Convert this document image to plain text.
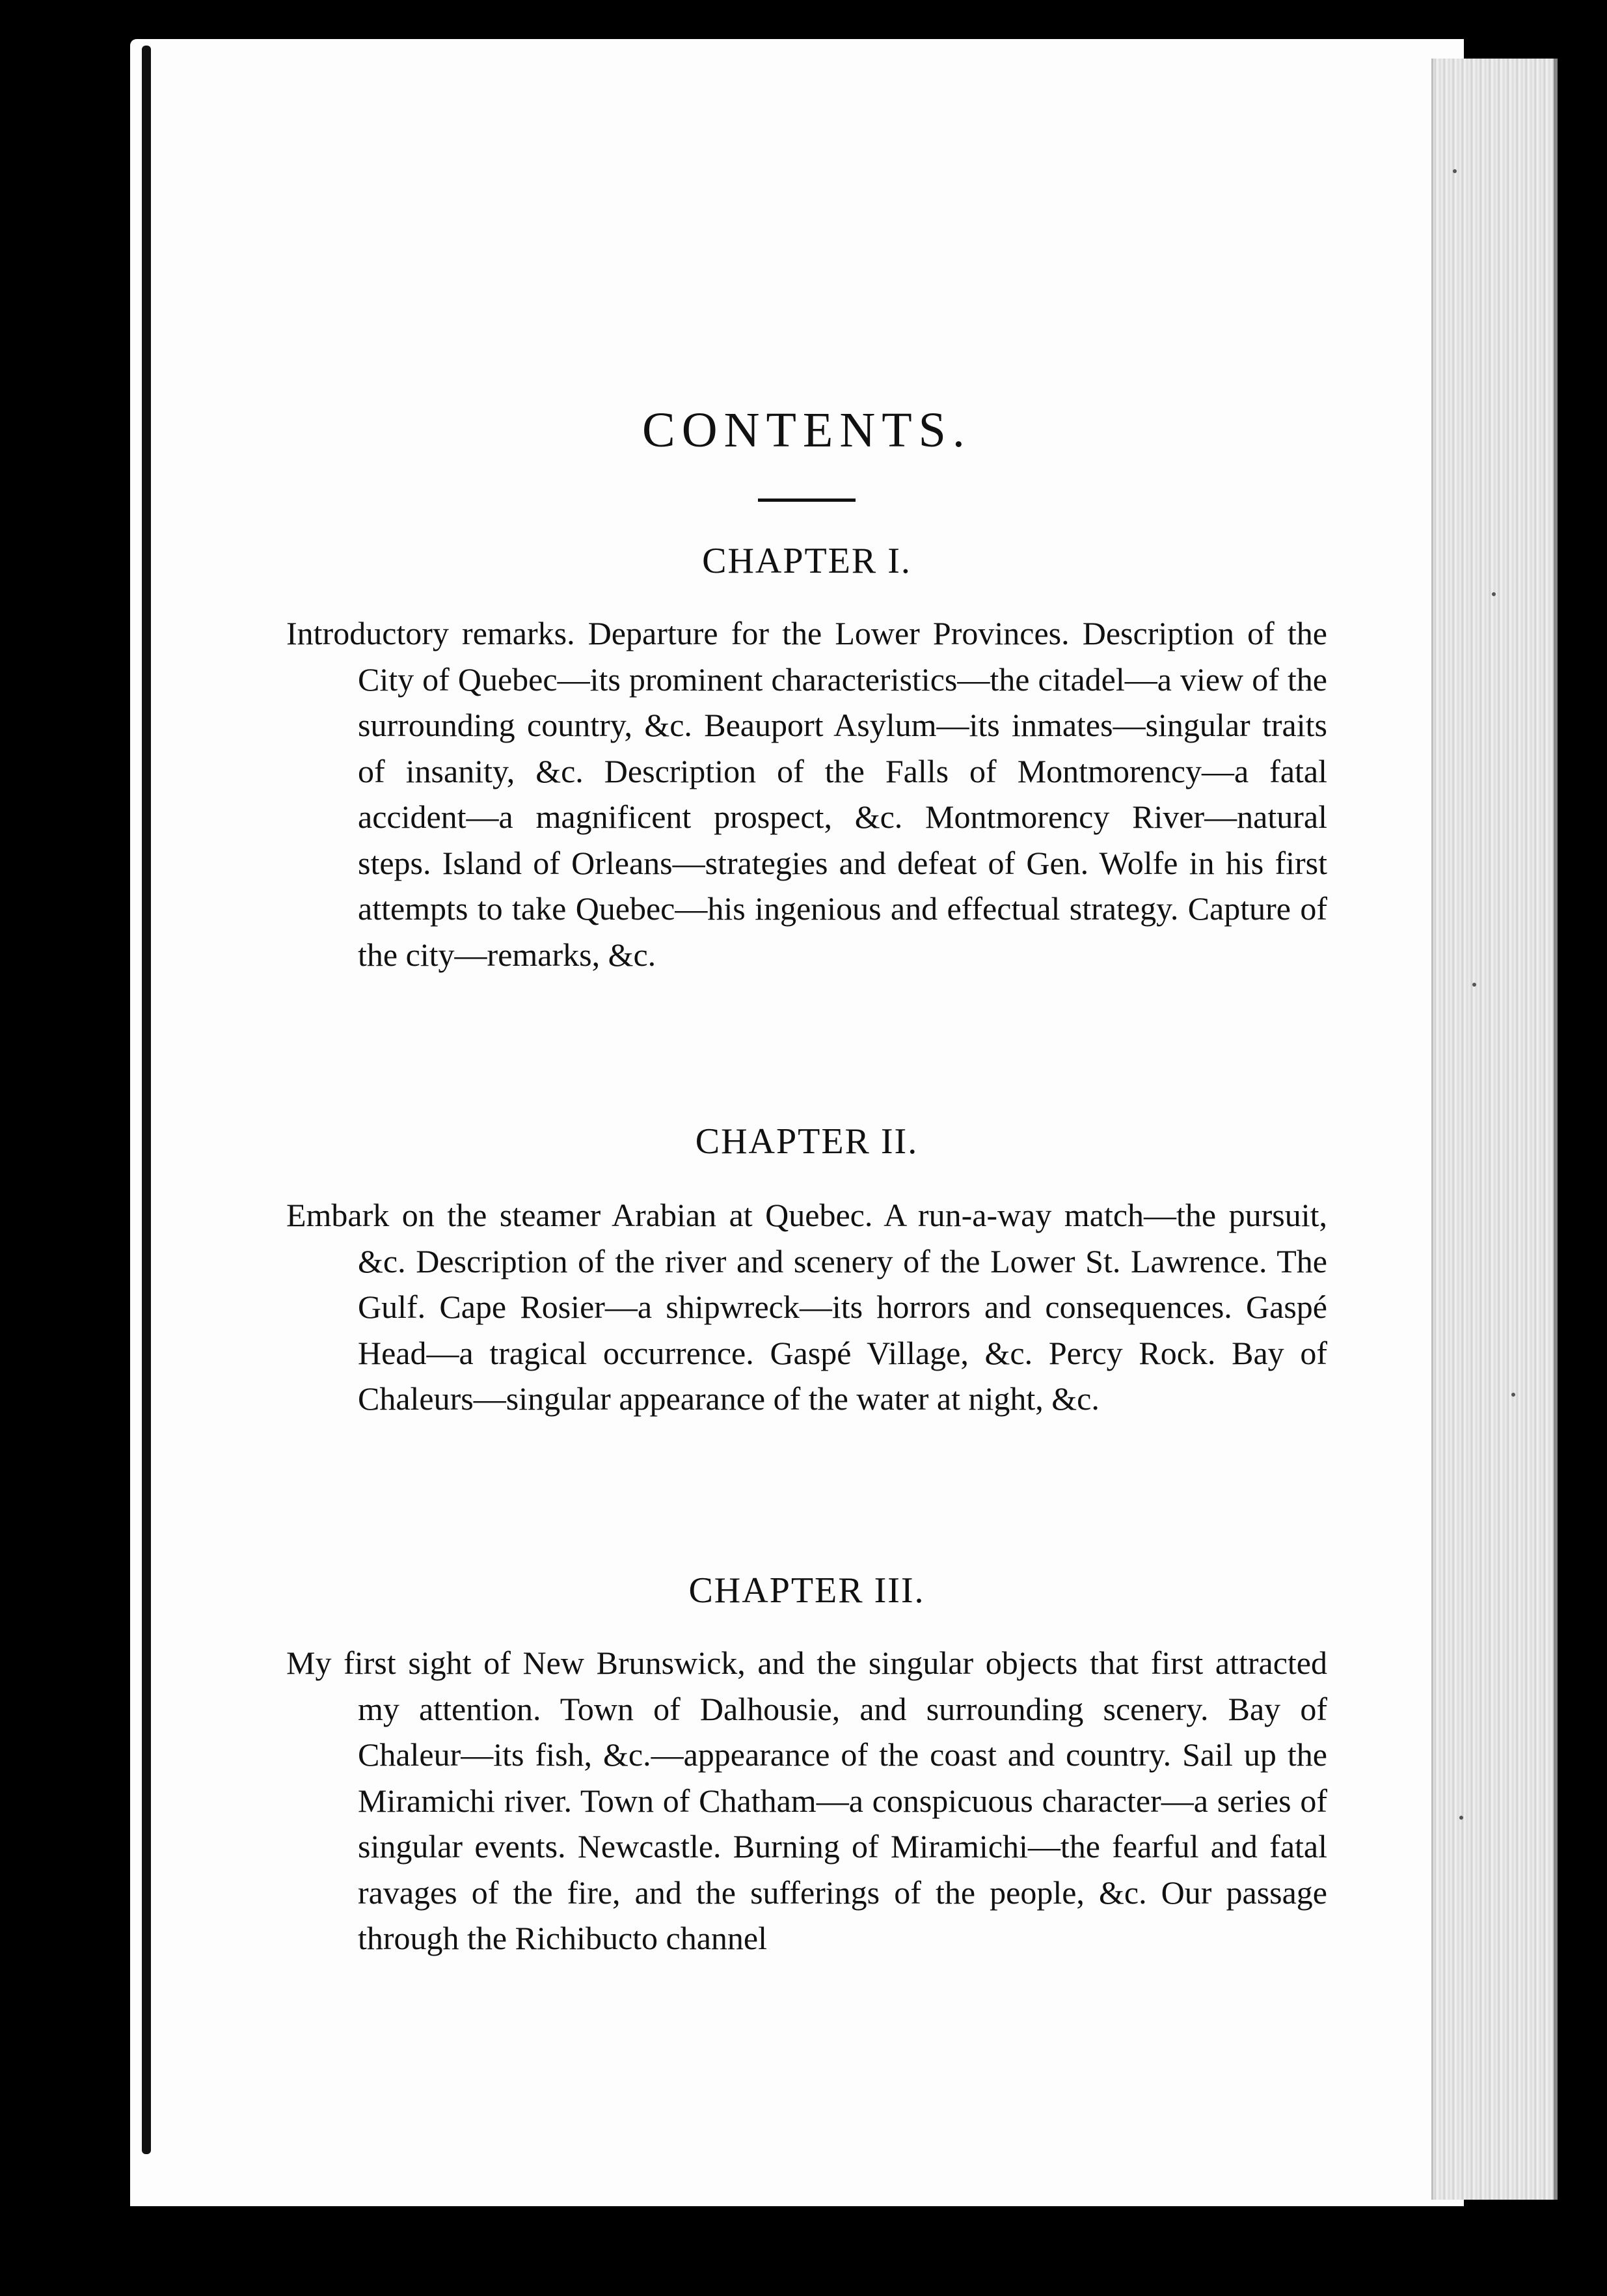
CONTENTS.
CHAPTER I.

Introductory remarks. Departure for the Lower Provinces. Description of the City of Quebec—its prominent characteristics—the citadel—a view of the surrounding country, &c. Beauport Asylum—its inmates—singular traits of insanity, &c. Description of the Falls of Montmorency—a fatal accident—a magnificent prospect, &c. Montmorency River—natural steps. Island of Orleans—strategies and defeat of Gen. Wolfe in his first attempts to take Quebec—his ingenious and effectual strategy. Capture of the city—remarks, &c.

CHAPTER II.

Embark on the steamer Arabian at Quebec. A run-a-way match—the pursuit, &c. Description of the river and scenery of the Lower St. Lawrence. The Gulf. Cape Rosier—a shipwreck—its horrors and consequences. Gaspé Head—a tragical occurrence. Gaspé Village, &c. Percy Rock. Bay of Chaleurs—singular appearance of the water at night, &c.

CHAPTER III.

My first sight of New Brunswick, and the singular objects that first attracted my attention. Town of Dalhousie, and surrounding scenery. Bay of Chaleur—its fish, &c.—appearance of the coast and country. Sail up the Miramichi river. Town of Chatham—a conspicuous character—a series of singular events. Newcastle. Burning of Miramichi—the fearful and fatal ravages of the fire, and the sufferings of the people, &c. Our passage through the Richibucto channel
